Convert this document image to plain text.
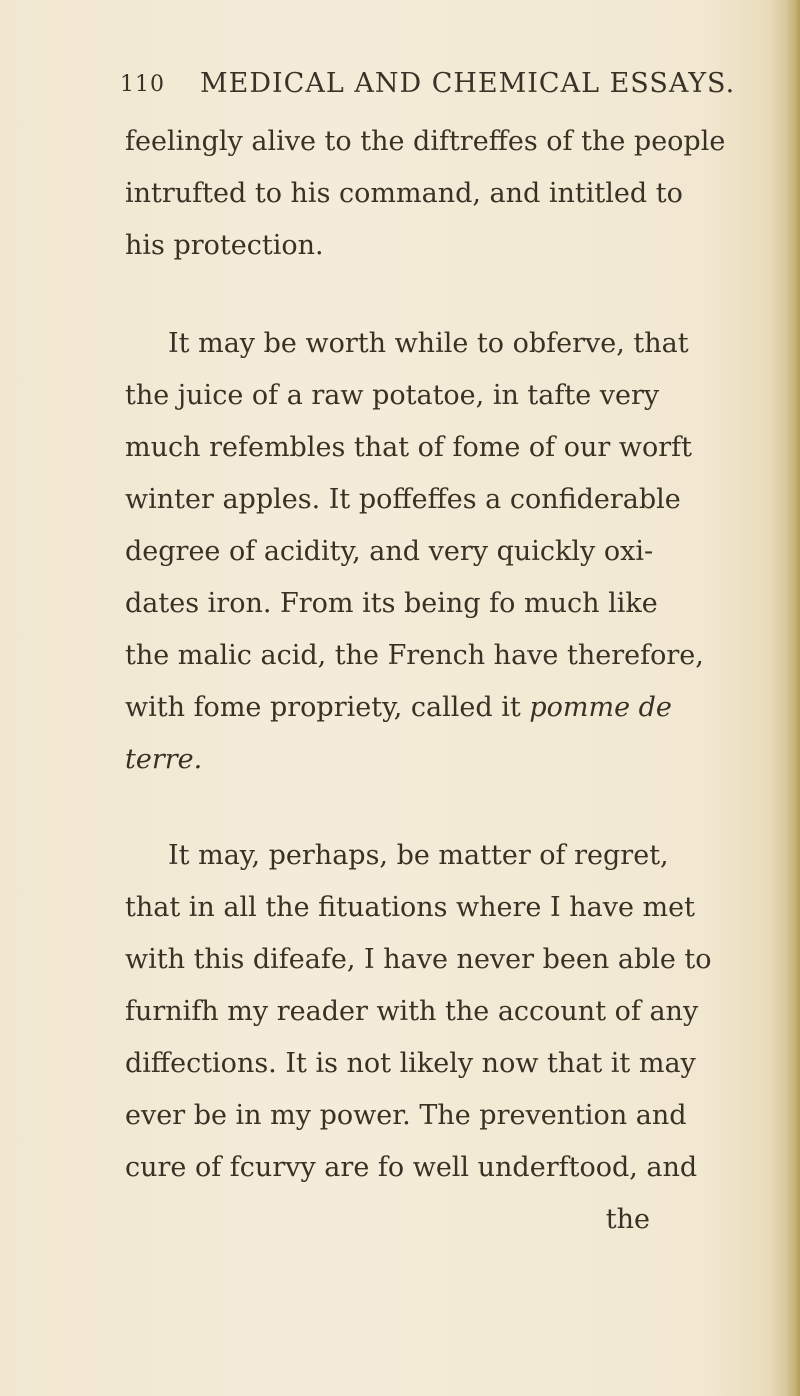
110 MEDICAL AND CHEMICAL ESSAYS.
feelingly alive to the diftreffes of the people
intrufted to his command, and intitled to
his protection.
It may be worth while to obferve, that
the juice of a raw potatoe, in tafte very
much refembles that of fome of our worft
winter apples. It poffeffes a confiderable
degree of acidity, and very quickly oxi-
dates iron. From its being fo much like
the malic acid, the French have therefore,
with fome propriety, called it pomme de
terre.
It may, perhaps, be matter of regret,
that in all the fituations where I have met
with this difeafe, I have never been able to
furnifh my reader with the account of any
diffections. It is not likely now that it may
ever be in my power. The prevention and
cure of fcurvy are fo well underftood, and
the
